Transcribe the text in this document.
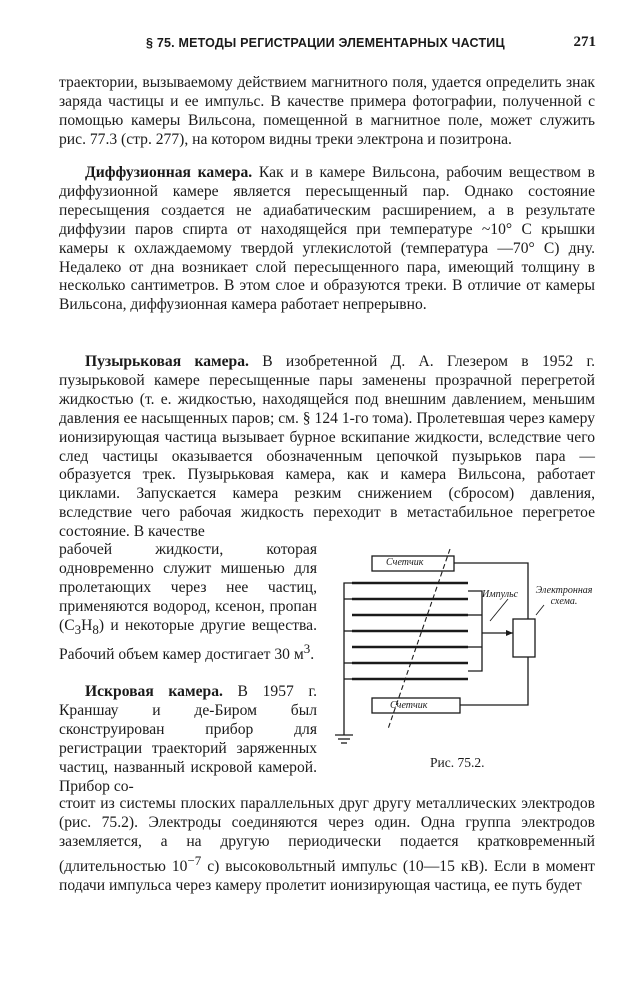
§ 75. МЕТОДЫ РЕГИСТРАЦИИ ЭЛЕМЕНТАРНЫХ ЧАСТИЦ	271

траектории, вызываемому действием магнитного поля, удается определить знак заряда частицы и ее импульс. В качестве примера фотографии, полученной с помощью камеры Вильсона, помещенной в магнитное поле, может служить рис. 77.3 (стр. 277), на котором видны треки электрона и позитрона.

Диффузионная камера. Как и в камере Вильсона, рабочим веществом в диффузионной камере является пересыщенный пар. Однако состояние пересыщения создается не адиабатическим расширением, а в результате диффузии паров спирта от находящейся при температуре ~10° С крышки камеры к охлаждаемому твердой углекислотой (температура —70° С) дну. Недалеко от дна возникает слой пересыщенного пара, имеющий толщину в несколько сантиметров. В этом слое и образуются треки. В отличие от камеры Вильсона, диффузионная камера работает непрерывно.

Пузырьковая камера. В изобретенной Д. А. Глезером в 1952 г. пузырьковой камере пересыщенные пары заменены прозрачной перегретой жидкостью (т. е. жидкостью, находящейся под внешним давлением, меньшим давления ее насыщенных паров; см. § 124 1-го тома). Пролетевшая через камеру ионизирующая частица вызывает бурное вскипание жидкости, вследствие чего след частицы оказывается обозначенным цепочкой пузырьков пара — образуется трек. Пузырьковая камера, как и камера Вильсона, работает циклами. Запускается камера резким снижением (сбросом) давления, вследствие чего рабочая жидкость переходит в метастабильное перегретое состояние. В качестве

рабочей жидкости, которая одновременно служит мишенью для пролетающих через нее частиц, применяются водород, ксенон, пропан $(C_3H_8)$ и некоторые другие вещества. Рабочий объем камер достигает 30 $м^3$.

Искровая камера. В 1957 г. Краншау и де-Биром был сконструирован прибор для регистрации траекторий заряженных частиц, названный искровой камерой. Прибор со-

стоит из системы плоских параллельных друг другу металлических электродов (рис. 75.2). Электроды соединяются через один. Одна группа электродов заземляется, а на другую периодически подается кратковременный (длительностью $10^{-7}$ с) высоковольтный импульс (10—15 кВ). Если в момент подачи импульса через камеру пролетит ионизирующая частица, ее путь будет

Счетчик
Счетчик
Импульс Электронная схема.
Рис. 75.2.
